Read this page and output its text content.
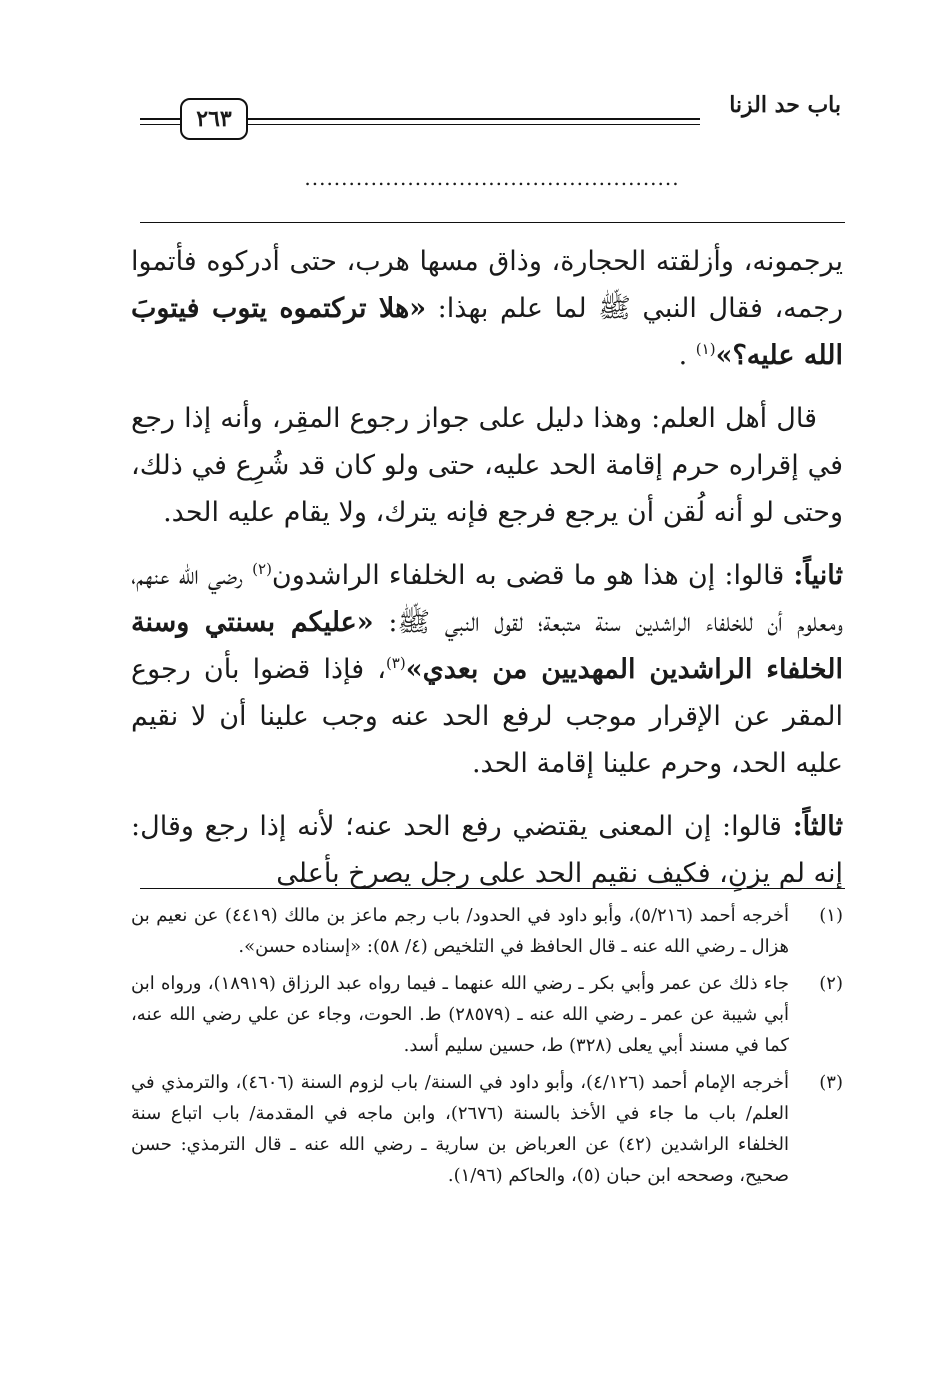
باب حد الزنا
٢٦٣
...................................................

يرجمونه، وأزلقته الحجارة، وذاق مسها هرب، حتى أدركوه فأتموا رجمه، فقال النبي ﷺ لما علم بهذا: «هلا تركتموه يتوب فيتوبَ الله عليه؟»$^{(١)}$ .

قال أهل العلم: وهذا دليل على جواز رجوع المقِر، وأنه إذا رجع في إقراره حرم إقامة الحد عليه، حتى ولو كان قد شُرِع في ذلك، وحتى لو أنه لُقن أن يرجع فرجع فإنه يترك، ولا يقام عليه الحد.

ثانياً: قالوا: إن هذا هو ما قضى به الخلفاء الراشدون$^{(٢)}$ رضي الله عنهم، ومعلوم أن للخلفاء الراشدين سنة متبعة؛ لقول النبي ﷺ: «عليكم بسنتي وسنة الخلفاء الراشدين المهديين من بعدي»$^{(٣)}$، فإذا قضوا بأن رجوع المقر عن الإقرار موجب لرفع الحد عنه وجب علينا أن لا نقيم عليه الحد، وحرم علينا إقامة الحد.

ثالثاً: قالوا: إن المعنى يقتضي رفع الحد عنه؛ لأنه إذا رجع وقال: إنه لم يزنِ، فكيف نقيم الحد على رجل يصرخ بأعلى

(١)
أخرجه أحمد (٥/٢١٦)، وأبو داود في الحدود/ باب رجم ماعز بن مالك (٤٤١٩) عن نعيم بن هزال ـ رضي الله عنه ـ قال الحافظ في التلخيص (٤/ ٥٨): «إسناده حسن».
(٢)
جاء ذلك عن عمر وأبي بكر ـ رضي الله عنهما ـ فيما رواه عبد الرزاق (١٨٩١٩)، ورواه ابن أبي شيبة عن عمر ـ رضي الله عنه ـ (٢٨٥٧٩) ط. الحوت، وجاء عن علي رضي الله عنه، كما في مسند أبي يعلى (٣٢٨) ط، حسين سليم أسد.
(٣)
أخرجه الإمام أحمد (٤/١٢٦)، وأبو داود في السنة/ باب لزوم السنة (٤٦٠٦)، والترمذي في العلم/ باب ما جاء في الأخذ بالسنة (٢٦٧٦)، وابن ماجه في المقدمة/ باب اتباع سنة الخلفاء الراشدين (٤٢) عن العرباض بن سارية ـ رضي الله عنه ـ قال الترمذي: حسن صحيح، وصححه ابن حبان (٥)، والحاكم (١/٩٦).
